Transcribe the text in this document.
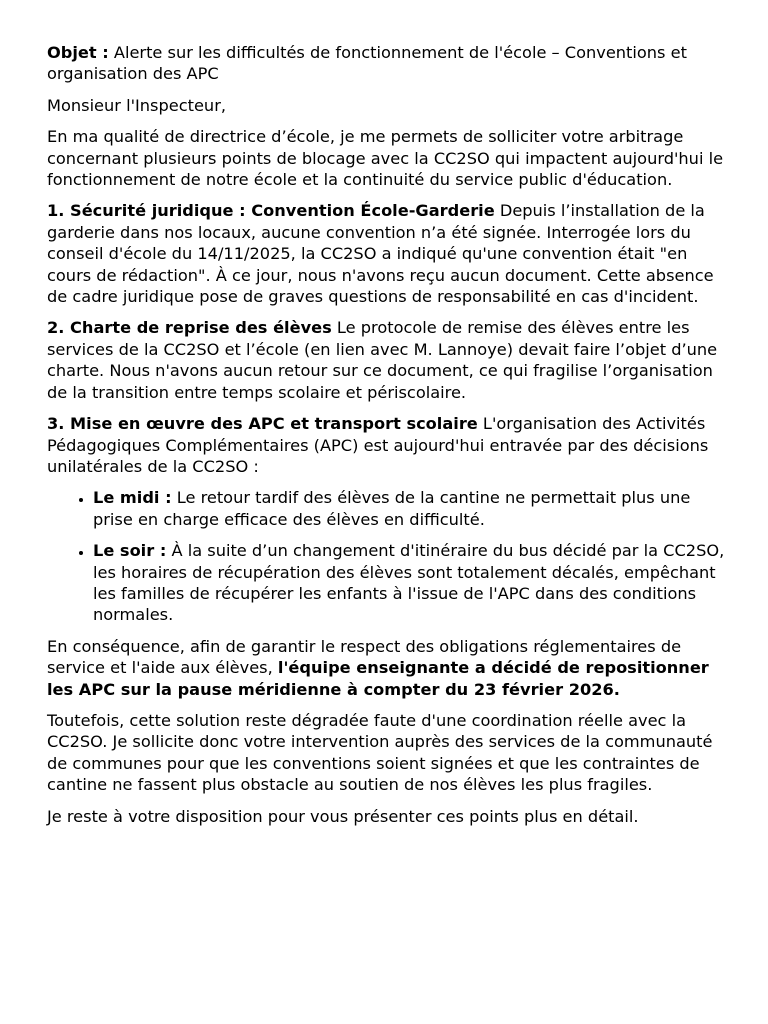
Objet : Alerte sur les difficultés de fonctionnement de l'école – Conventions et organisation des APC

Monsieur l'Inspecteur,

En ma qualité de directrice d’école, je me permets de solliciter votre arbitrage concernant plusieurs points de blocage avec la CC2SO qui impactent aujourd'hui le fonctionnement de notre école et la continuité du service public d'éducation.

1. Sécurité juridique : Convention École-Garderie Depuis l’installation de la garderie dans nos locaux, aucune convention n’a été signée. Interrogée lors du conseil d'école du 14/11/2025, la CC2SO a indiqué qu'une convention était "en cours de rédaction". À ce jour, nous n'avons reçu aucun document. Cette absence de cadre juridique pose de graves questions de responsabilité en cas d'incident.

2. Charte de reprise des élèves Le protocole de remise des élèves entre les services de la CC2SO et l’école (en lien avec M. Lannoye) devait faire l’objet d’une charte. Nous n'avons aucun retour sur ce document, ce qui fragilise l’organisation de la transition entre temps scolaire et périscolaire.

3. Mise en œuvre des APC et transport scolaire L'organisation des Activités Pédagogiques Complémentaires (APC) est aujourd'hui entravée par des décisions unilatérales de la CC2SO :

• Le midi : Le retour tardif des élèves de la cantine ne permettait plus une prise en charge efficace des élèves en difficulté.
• Le soir : À la suite d’un changement d'itinéraire du bus décidé par la CC2SO, les horaires de récupération des élèves sont totalement décalés, empêchant les familles de récupérer les enfants à l'issue de l'APC dans des conditions normales.

En conséquence, afin de garantir le respect des obligations réglementaires de service et l'aide aux élèves, l'équipe enseignante a décidé de repositionner les APC sur la pause méridienne à compter du 23 février 2026.

Toutefois, cette solution reste dégradée faute d'une coordination réelle avec la CC2SO. Je sollicite donc votre intervention auprès des services de la communauté de communes pour que les conventions soient signées et que les contraintes de cantine ne fassent plus obstacle au soutien de nos élèves les plus fragiles.

Je reste à votre disposition pour vous présenter ces points plus en détail.
